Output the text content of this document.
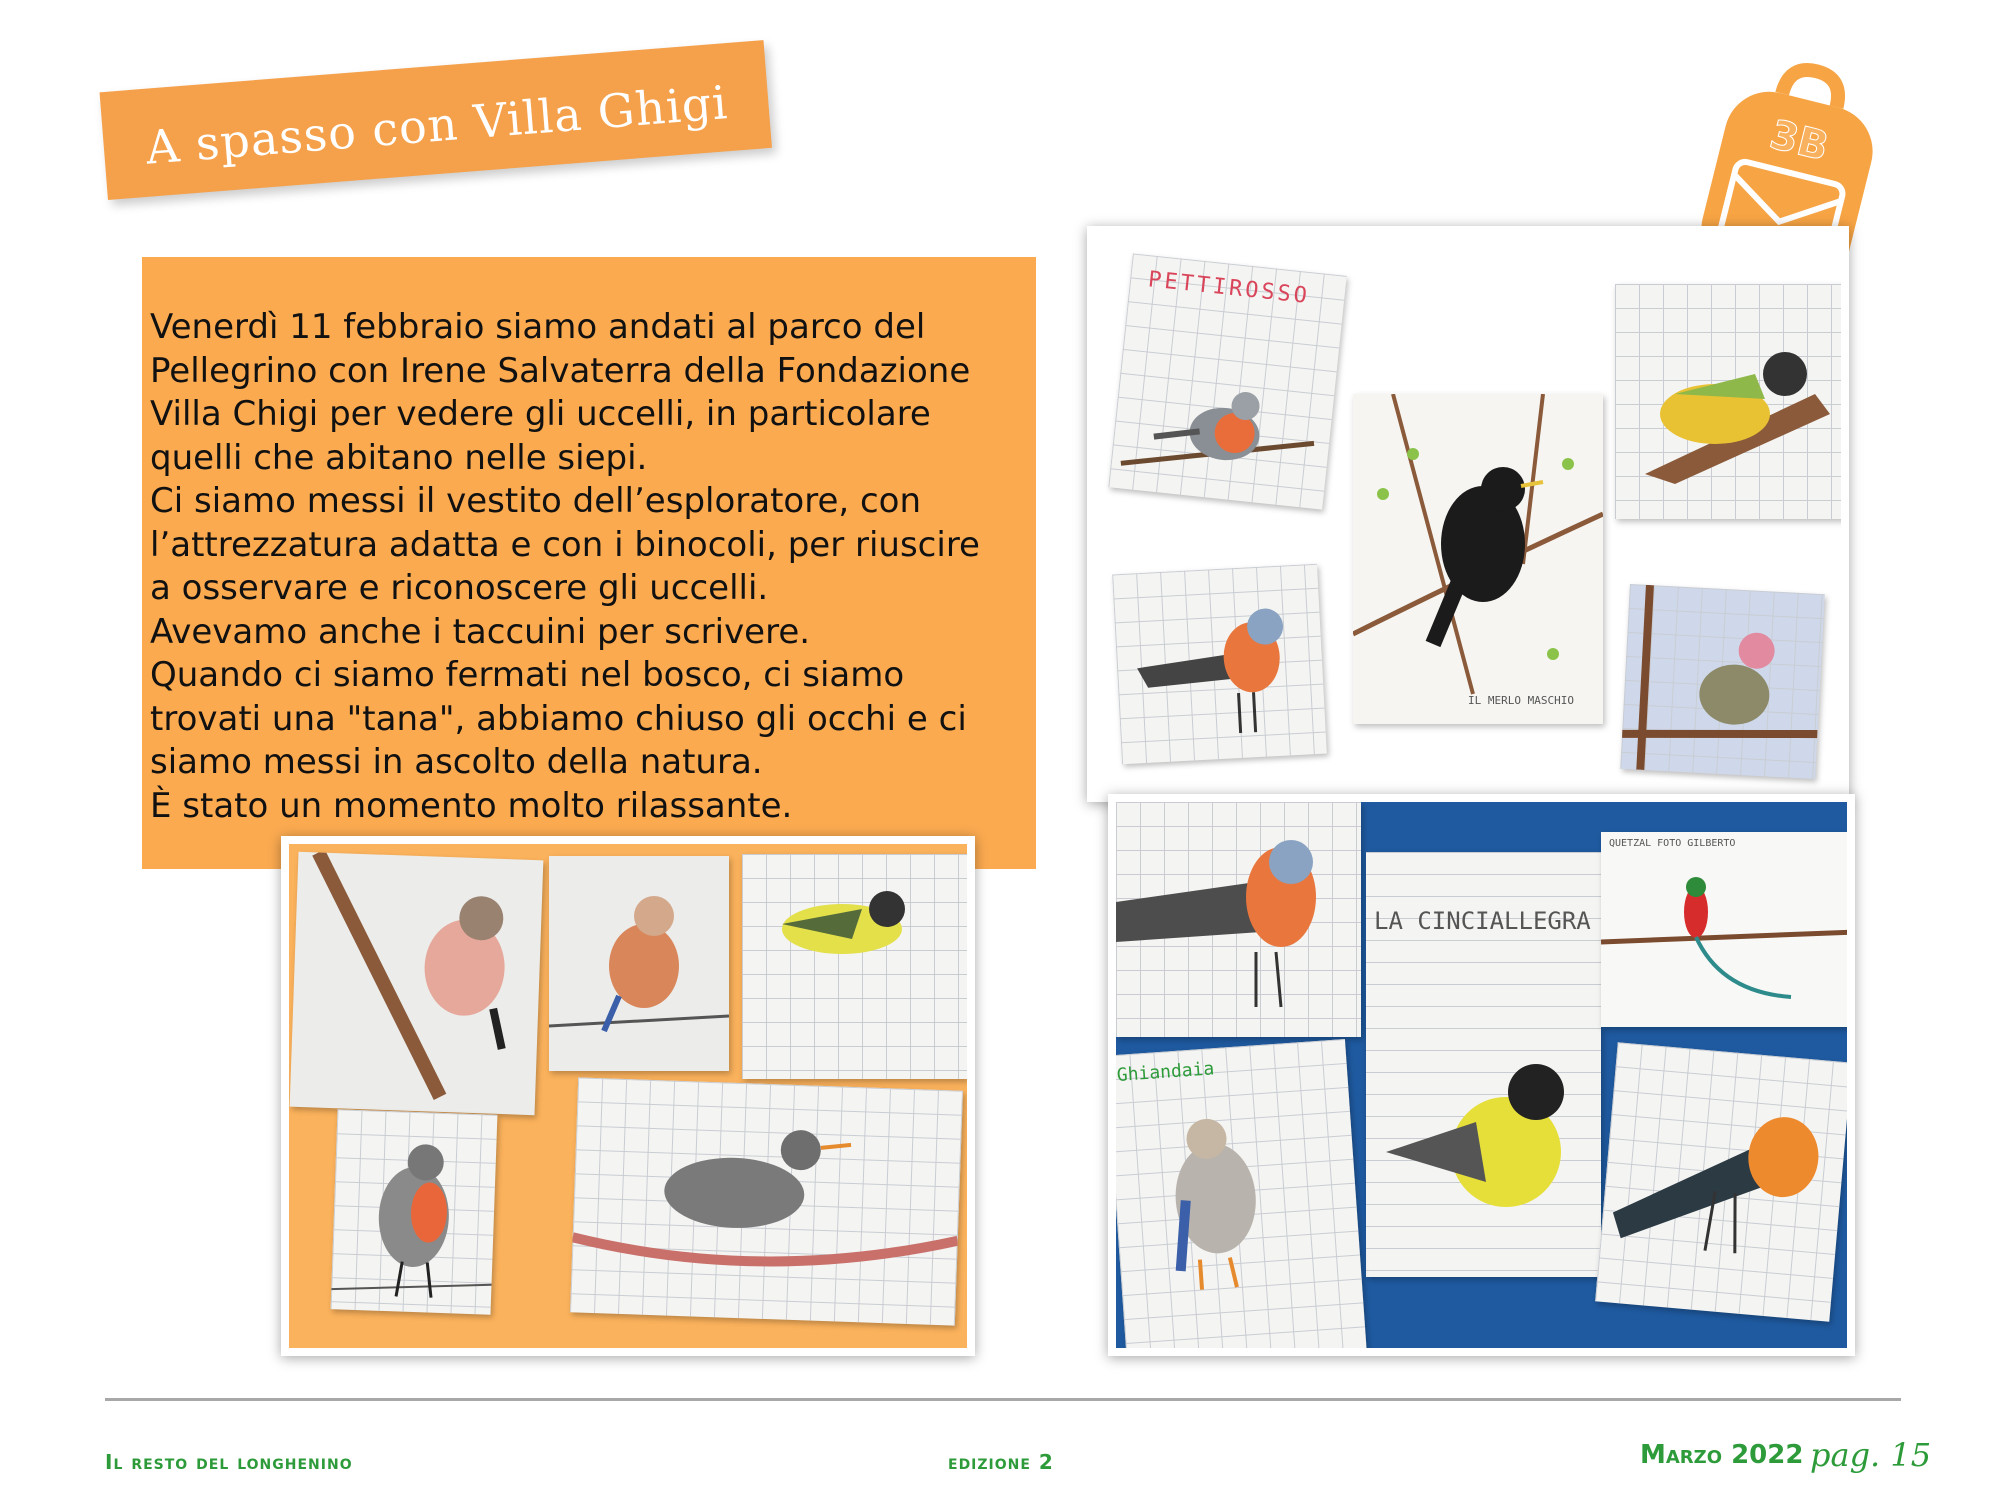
A spasso con Villa Ghigi	3B

Venerdì 11 febbraio siamo andati al parco del
Pellegrino con Irene Salvaterra della Fondazione
Villa Chigi per vedere gli uccelli, in particolare
quelli che abitano nelle siepi.
Ci siamo messi il vestito dell’esploratore, con
l’attrezzatura adatta e con i binocoli, per riuscire
a osservare e riconoscere gli uccelli.
Avevamo anche i taccuini per scrivere.
Quando ci siamo fermati nel bosco, ci siamo
trovati una "tana", abbiamo chiuso gli occhi e ci
siamo messi in ascolto della natura.
È stato un momento molto rilassante.

PETTIROSSO
IL MERLO MASCHIO
LA CINCIALLEGRA
QUETZAL FOTO GILBERTO
Ghiandaia
Il resto del longhenino	edizione 2	Marzo 2022 pag. 15
